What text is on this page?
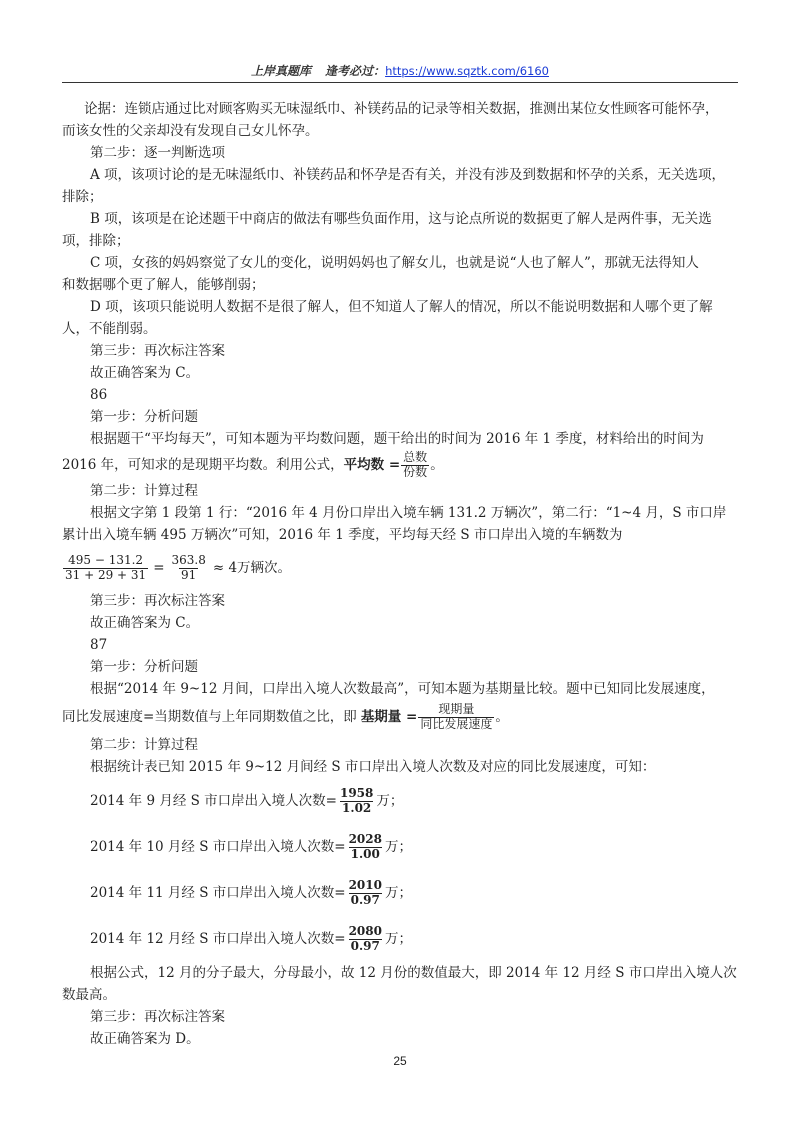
上岸真题库 逢考必过：https://www.sqztk.com/6160

论据：连锁店通过比对顾客购买无味湿纸巾、补镁药品的记录等相关数据，推测出某位女性顾客可能怀孕，

而该女性的父亲却没有发现自己女儿怀孕。

第二步：逐一判断选项

A 项，该项讨论的是无味湿纸巾、补镁药品和怀孕是否有关，并没有涉及到数据和怀孕的关系，无关选项，

排除；

B 项，该项是在论述题干中商店的做法有哪些负面作用，这与论点所说的数据更了解人是两件事，无关选

项，排除；

C 项，女孩的妈妈察觉了女儿的变化，说明妈妈也了解女儿，也就是说“人也了解人”，那就无法得知人

和数据哪个更了解人，能够削弱；

D 项，该项只能说明人数据不是很了解人，但不知道人了解人的情况，所以不能说明数据和人哪个更了解

人，不能削弱。

第三步：再次标注答案

故正确答案为 C。

86

第一步：分析问题

根据题干“平均每天”，可知本题为平均数问题，题干给出的时间为 2016 年 1 季度，材料给出的时间为

2016 年，可知求的是现期平均数。利用公式， 平均数 = $\frac{\text{总数}}{\text{份数}}$ 。

第二步：计算过程

根据文字第 1 段第 1 行：“2016 年 4 月份口岸出入境车辆 131.2 万辆次”，第二行：“1~4 月，S 市口岸

累计出入境车辆 495 万辆次”可知，2016 年 1 季度，平均每天经 S 市口岸出入境的车辆数为

$\frac{495 - 131.2}{31 + 29 + 31} = \frac{363.8}{91} \approx 4$万辆次。

第三步：再次标注答案

故正确答案为 C。

87

第一步：分析问题

根据“2014 年 9~12 月间，口岸出入境人次数最高”，可知本题为基期量比较。题中已知同比发展速度，

同比发展速度=当期数值与上年同期数值之比，即 基期量 = $\frac{\text{现期量}}{\text{同比发展速度}}$ 。

第二步：计算过程

根据统计表已知 2015 年 9~12 月间经 S 市口岸出入境人次数及对应的同比发展速度，可知：

2014 年 9 月经 S 市口岸出入境人次数= $\frac{1958}{1.02}$ 万；
2014 年 10 月经 S 市口岸出入境人次数= $\frac{2028}{1.00}$ 万；
2014 年 11 月经 S 市口岸出入境人次数= $\frac{2010}{0.97}$ 万；
2014 年 12 月经 S 市口岸出入境人次数= $\frac{2080}{0.97}$ 万；

根据公式，12 月的分子最大，分母最小，故 12 月份的数值最大，即 2014 年 12 月经 S 市口岸出入境人次

数最高。

第三步：再次标注答案

故正确答案为 D。

25
